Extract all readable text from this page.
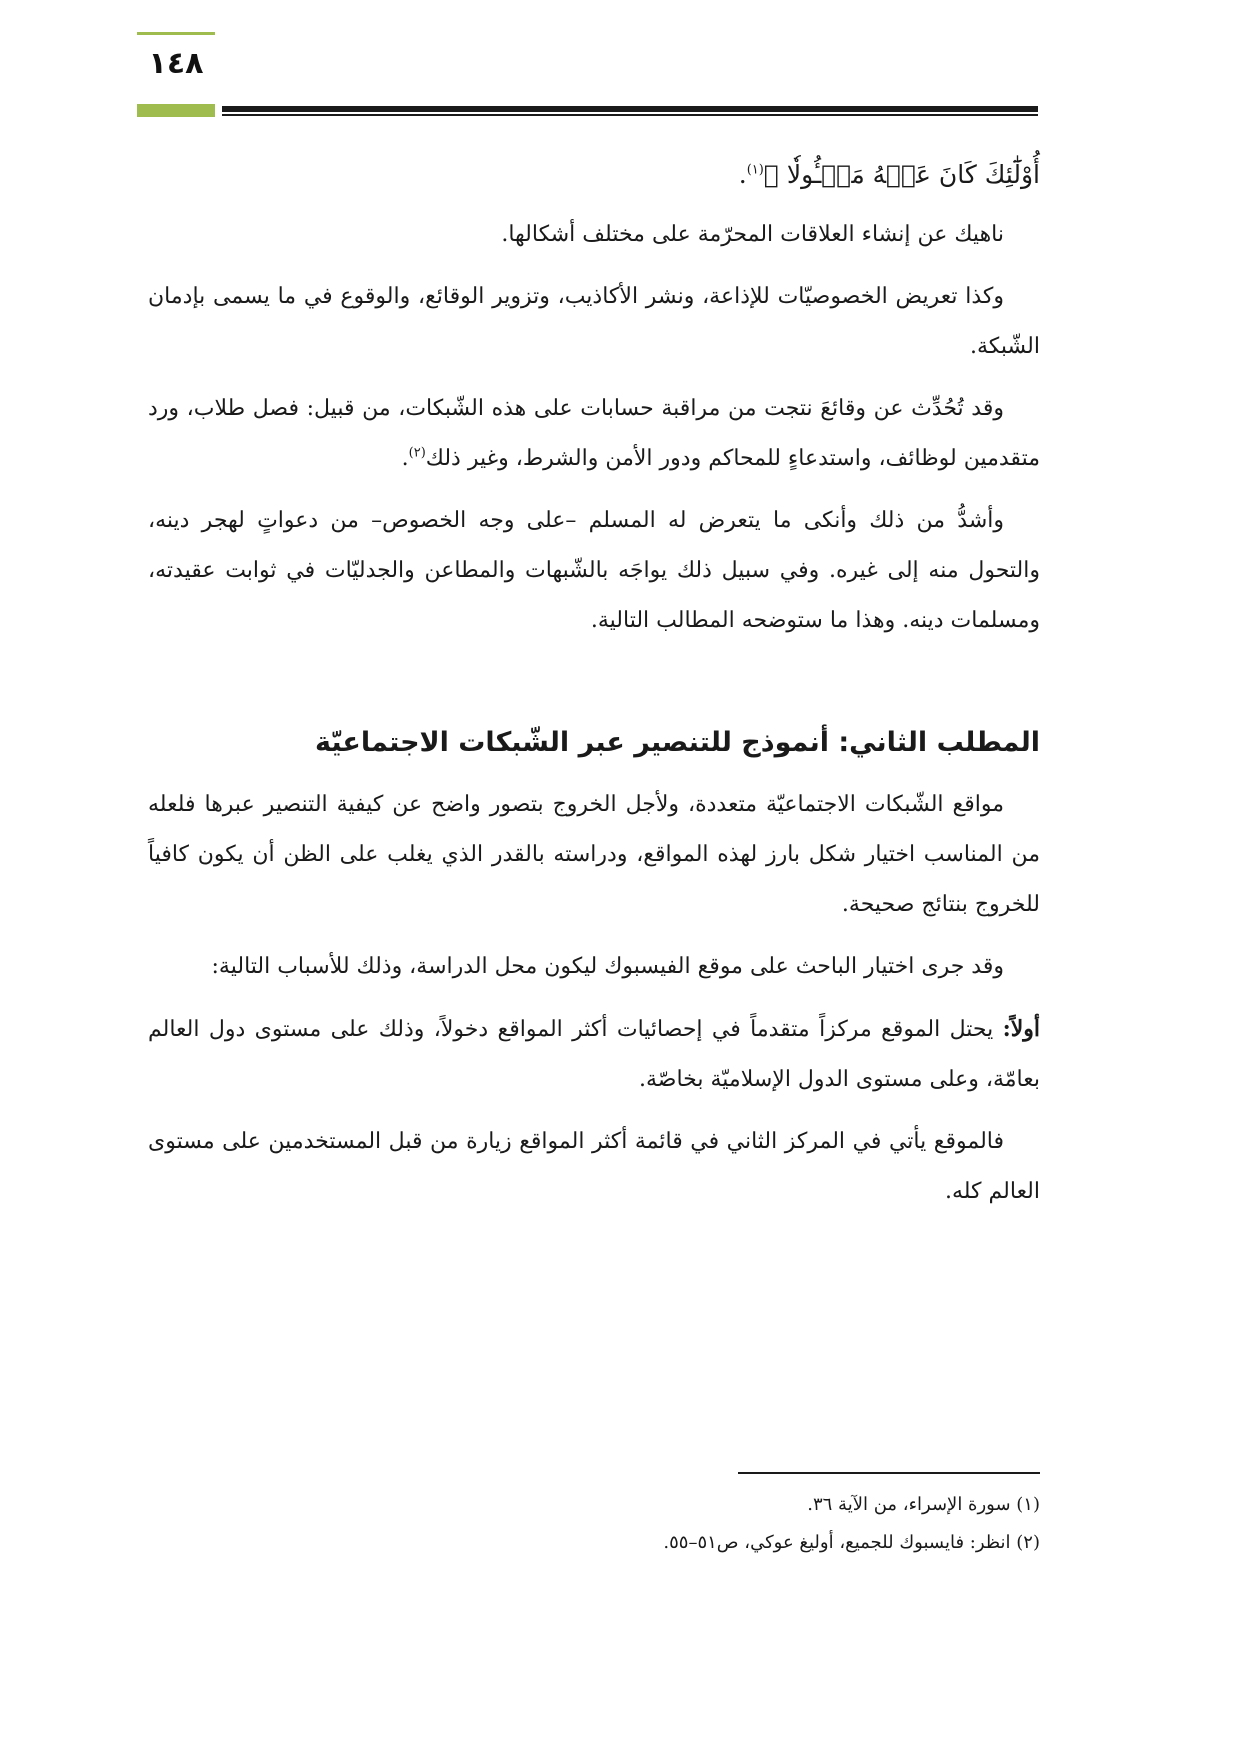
١٤٨

أُوْلَٰٓئِكَ كَانَ عَنۡهُ مَسۡـُٔولٗا ﴾$^{(١)}$.

ناهيك عن إنشاء العلاقات المحرّمة على مختلف أشكالها.

وكذا تعريض الخصوصيّات للإذاعة، ونشر الأكاذيب، وتزوير الوقائع، والوقوع في ما يسمى بإدمان الشّبكة.

وقد تُحُدِّث عن وقائعَ نتجت من مراقبة حسابات على هذه الشّبكات، من قبيل: فصل طلاب، ورد متقدمين لوظائف، واستدعاءٍ للمحاكم ودور الأمن والشرط، وغير ذلك$^{(٢)}$.

وأشدُّ من ذلك وأنكى ما يتعرض له المسلم –على وجه الخصوص– من دعواتٍ لهجر دينه، والتحول منه إلى غيره. وفي سبيل ذلك يواجَه بالشّبهات والمطاعن والجدليّات في ثوابت عقيدته، ومسلمات دينه. وهذا ما ستوضحه المطالب التالية.

المطلب الثاني: أنموذج للتنصير عبر الشّبكات الاجتماعيّة

مواقع الشّبكات الاجتماعيّة متعددة، ولأجل الخروج بتصور واضح عن كيفية التنصير عبرها فلعله من المناسب اختيار شكل بارز لهذه المواقع، ودراسته بالقدر الذي يغلب على الظن أن يكون كافياً للخروج بنتائج صحيحة.

وقد جرى اختيار الباحث على موقع الفيسبوك ليكون محل الدراسة، وذلك للأسباب التالية:

أولاً: يحتل الموقع مركزاً متقدماً في إحصائيات أكثر المواقع دخولاً، وذلك على مستوى دول العالم بعامّة، وعلى مستوى الدول الإسلاميّة بخاصّة.

فالموقع يأتي في المركز الثاني في قائمة أكثر المواقع زيارة من قبل المستخدمين على مستوى العالم كله.

(١) سورة الإسراء، من الآية ٣٦.

(٢) انظر: فايسبوك للجميع، أوليغ عوكي، ص٥١–٥٥.
